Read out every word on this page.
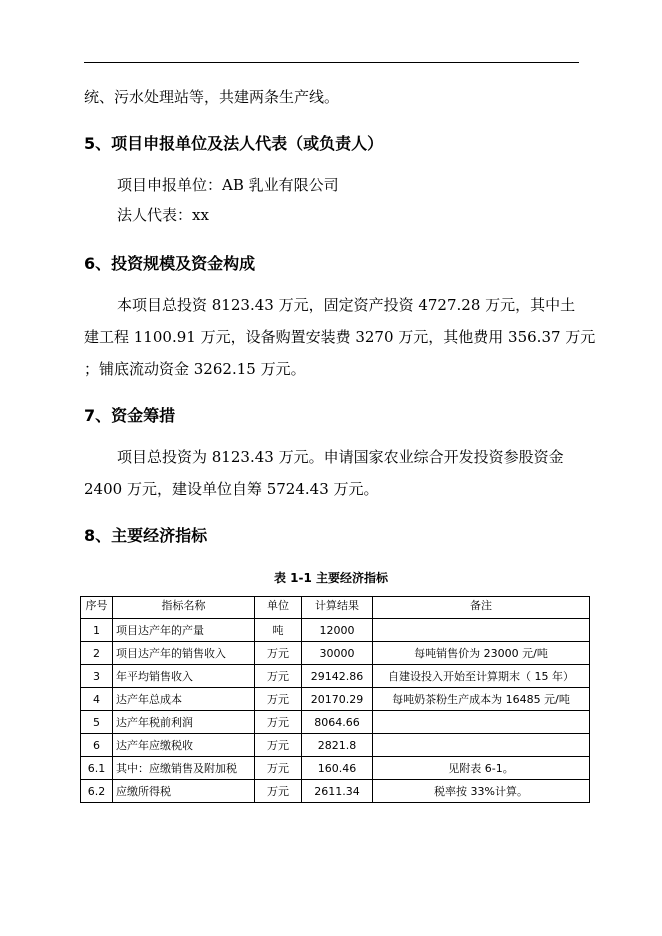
统、污水处理站等，共建两条生产线。
5、项目申报单位及法人代表（或负责人）
项目申报单位：AB 乳业有限公司
法人代表：xx
6、投资规模及资金构成
本项目总投资 8123.43 万元，固定资产投资 4727.28 万元，其中土
建工程 1100.91 万元，设备购置安装费 3270 万元，其他费用 356.37 万元
；铺底流动资金 3262.15 万元。
7、资金筹措
项目总投资为 8123.43 万元。申请国家农业综合开发投资参股资金
2400 万元，建设单位自筹 5724.43 万元。
8、主要经济指标
表 1-1 主要经济指标
序号	指标名称	单位	计算结果	备注
1	项目达产年的产量	吨	12000	
2	项目达产年的销售收入	万元	30000	每吨销售价为 23000 元/吨
3	年平均销售收入	万元	29142.86	自建设投入开始至计算期末（ 15 年）
4	达产年总成本	万元	20170.29	每吨奶茶粉生产成本为 16485 元/吨
5	达产年税前利润	万元	8064.66	
6	达产年应缴税收	万元	2821.8	
6.1	其中：应缴销售及附加税	万元	160.46	见附表 6-1。
6.2	应缴所得税	万元	2611.34	税率按 33%计算。
